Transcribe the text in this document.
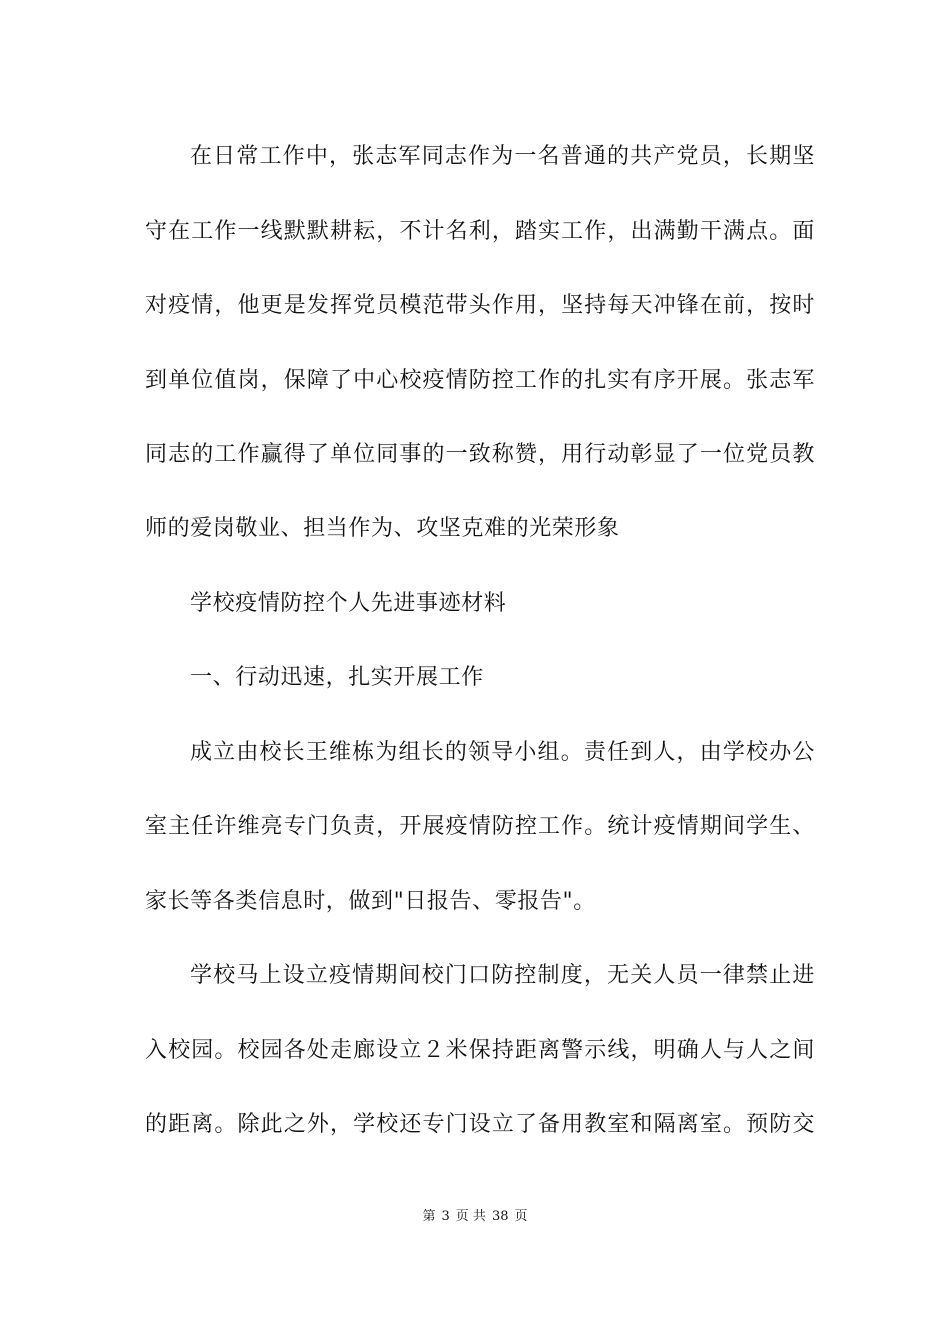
在日常工作中，张志军同志作为一名普通的共产党员，长期坚
守在工作一线默默耕耘，不计名利，踏实工作，出满勤干满点。面
对疫情，他更是发挥党员模范带头作用，坚持每天冲锋在前，按时
到单位值岗，保障了中心校疫情防控工作的扎实有序开展。张志军
同志的工作赢得了单位同事的一致称赞，用行动彰显了一位党员教
师的爱岗敬业、担当作为、攻坚克难的光荣形象
学校疫情防控个人先进事迹材料
一、行动迅速，扎实开展工作
成立由校长王维栋为组长的领导小组。责任到人，由学校办公
室主任许维亮专门负责，开展疫情防控工作。统计疫情期间学生、
家长等各类信息时，做到"日报告、零报告"。
学校马上设立疫情期间校门口防控制度，无关人员一律禁止进
入校园。校园各处走廊设立２米保持距离警示线，明确人与人之间
的距离。除此之外，学校还专门设立了备用教室和隔离室。预防交
第 3 页 共 38 页
